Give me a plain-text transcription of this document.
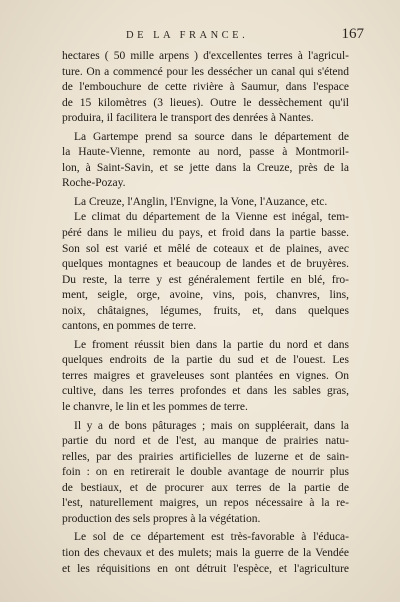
DE LA FRANCE.	167
hectares ( 50 mille arpens ) d'excellentes terres à l'agricul-
ture. On a commencé pour les dessécher un canal qui s'étend
de l'embouchure de cette rivière à Saumur, dans l'espace
de 15 kilomètres (3 lieues). Outre le dessèchement qu'il
produira, il facilitera le transport des denrées à Nantes.
La Gartempe prend sa source dans le département de
la Haute-Vienne, remonte au nord, passe à Montmoril-
lon, à Saint-Savin, et se jette dans la Creuze, près de la
Roche-Pozay.
La Creuze, l'Anglin, l'Envigne, la Vone, l'Auzance, etc.
Le climat du département de la Vienne est inégal, tem-
péré dans le milieu du pays, et froid dans la partie basse.
Son sol est varié et mêlé de coteaux et de plaines, avec
quelques montagnes et beaucoup de landes et de bruyères.
Du reste, la terre y est généralement fertile en blé, fro-
ment, seigle, orge, avoine, vins, pois, chanvres, lins,
noix, châtaignes, légumes, fruits, et, dans quelques
cantons, en pommes de terre.
Le froment réussit bien dans la partie du nord et dans
quelques endroits de la partie du sud et de l'ouest. Les
terres maigres et graveleuses sont plantées en vignes. On
cultive, dans les terres profondes et dans les sables gras,
le chanvre, le lin et les pommes de terre.
Il y a de bons pâturages ; mais on suppléerait, dans la
partie du nord et de l'est, au manque de prairies natu-
relles, par des prairies artificielles de luzerne et de sain-
foin : on en retirerait le double avantage de nourrir plus
de bestiaux, et de procurer aux terres de la partie de
l'est, naturellement maigres, un repos nécessaire à la re-
production des sels propres à la végétation.
Le sol de ce département est très-favorable à l'éduca-
tion des chevaux et des mulets; mais la guerre de la Vendée
et les réquisitions en ont détruit l'espèce, et l'agriculture
